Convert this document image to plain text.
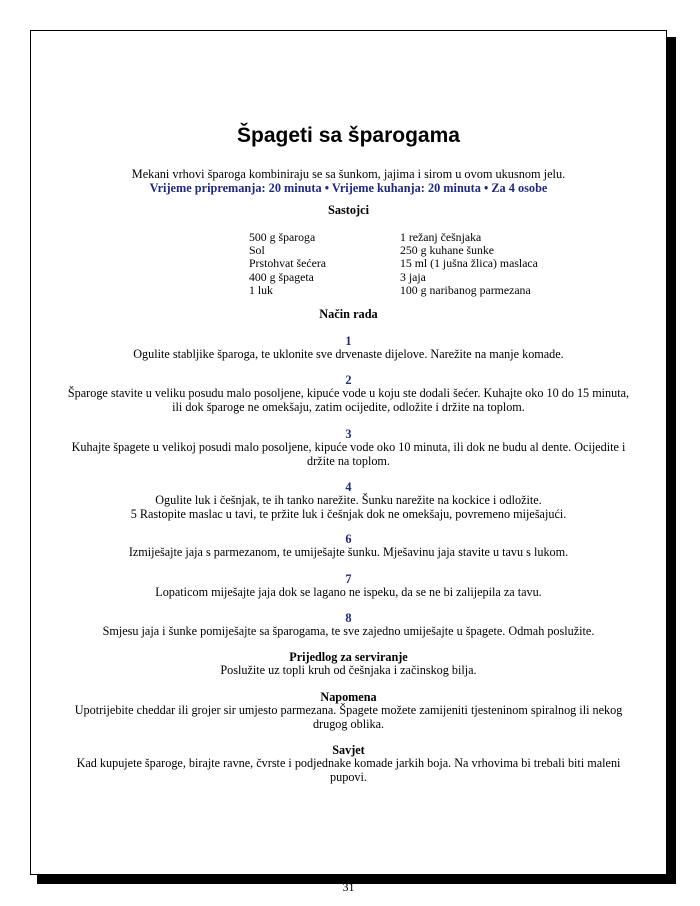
Špageti sa šparogama
Mekani vrhovi šparoga kombiniraju se sa šunkom, jajima i sirom u ovom ukusnom jelu.
Vrijeme pripremanja: 20 minuta • Vrijeme kuhanja: 20 minuta • Za 4 osobe
Sastojci
500 g šparoga
Sol
Prstohvat šećera
400 g špageta
1 luk
1 režanj češnjaka
250 g kuhane šunke
15 ml (1 jušna žlica) maslaca
3 jaja
100 g naribanog parmezana
Način rada
1
Ogulite stabljike šparoga, te uklonite sve drvenaste dijelove. Narežite na manje komade.
2
Šparoge stavite u veliku posudu malo posoljene, kipuće vode u koju ste dodali šećer. Kuhajte oko 10 do 15 minuta,
ili dok šparoge ne omekšaju, zatim ocijedite, odložite i držite na toplom.
3
Kuhajte špagete u velikoj posudi malo posoljene, kipuće vode oko 10 minuta, ili dok ne budu al dente. Ocijedite i
držite na toplom.
4
Ogulite luk i češnjak, te ih tanko narežite. Šunku narežite na kockice i odložite.
5 Rastopite maslac u tavi, te pržite luk i češnjak dok ne omekšaju, povremeno miješajući.
6
Izmiješajte jaja s parmezanom, te umiješajte šunku. Mješavinu jaja stavite u tavu s lukom.
7
Lopaticom miješajte jaja dok se lagano ne ispeku, da se ne bi zalijepila za tavu.
8
Smjesu jaja i šunke pomiješajte sa šparogama, te sve zajedno umiješajte u špagete. Odmah poslužite.
Prijedlog za serviranje
Poslužite uz topli kruh od češnjaka i začinskog bilja.
Napomena
Upotrijebite cheddar ili grojer sir umjesto parmezana. Špagete možete zamijeniti tjesteninom spiralnog ili nekog
drugog oblika.
Savjet
Kad kupujete šparoge, birajte ravne, čvrste i podjednake komade jarkih boja. Na vrhovima bi trebali biti maleni
pupovi.
31
